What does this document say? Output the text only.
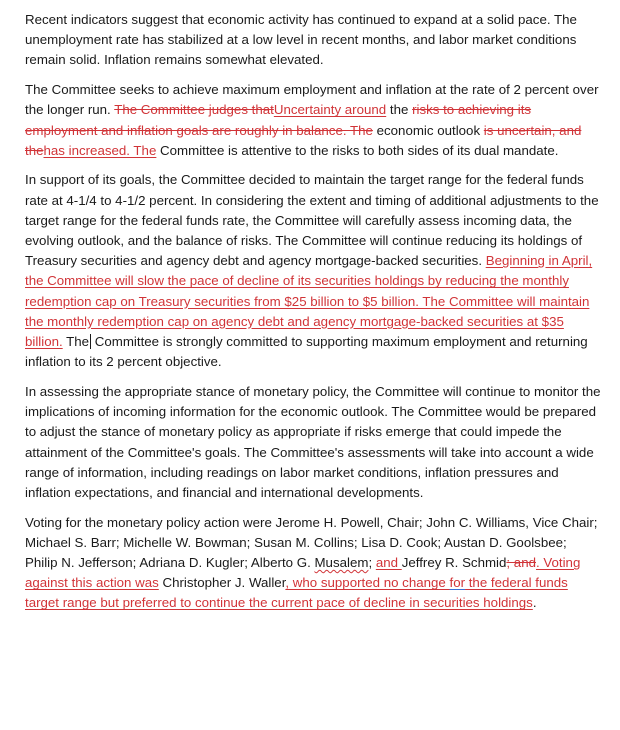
Recent indicators suggest that economic activity has continued to expand at a solid pace. The unemployment rate has stabilized at a low level in recent months, and labor market conditions remain solid. Inflation remains somewhat elevated.

The Committee seeks to achieve maximum employment and inflation at the rate of 2 percent over the longer run. The Committee judges thatUncertainty around the risks to achieving its employment and inflation goals are roughly in balance. The economic outlook is uncertain, and thehas increased. The Committee is attentive to the risks to both sides of its dual mandate.

In support of its goals, the Committee decided to maintain the target range for the federal funds rate at 4-1/4 to 4-1/2 percent. In considering the extent and timing of additional adjustments to the target range for the federal funds rate, the Committee will carefully assess incoming data, the evolving outlook, and the balance of risks. The Committee will continue reducing its holdings of Treasury securities and agency debt and agency mortgage-backed securities. Beginning in April, the Committee will slow the pace of decline of its securities holdings by reducing the monthly redemption cap on Treasury securities from $25 billion to $5 billion. The Committee will maintain the monthly redemption cap on agency debt and agency mortgage-backed securities at $35 billion. The Committee is strongly committed to supporting maximum employment and returning inflation to its 2 percent objective.

In assessing the appropriate stance of monetary policy, the Committee will continue to monitor the implications of incoming information for the economic outlook. The Committee would be prepared to adjust the stance of monetary policy as appropriate if risks emerge that could impede the attainment of the Committee's goals. The Committee's assessments will take into account a wide range of information, including readings on labor market conditions, inflation pressures and inflation expectations, and financial and international developments.

Voting for the monetary policy action were Jerome H. Powell, Chair; John C. Williams, Vice Chair; Michael S. Barr; Michelle W. Bowman; Susan M. Collins; Lisa D. Cook; Austan D. Goolsbee; Philip N. Jefferson; Adriana D. Kugler; Alberto G. Musalem; and Jeffrey R. Schmid; and. Voting against this action was Christopher J. Waller, who supported no change for the federal funds target range but preferred to continue the current pace of decline in securities holdings.
